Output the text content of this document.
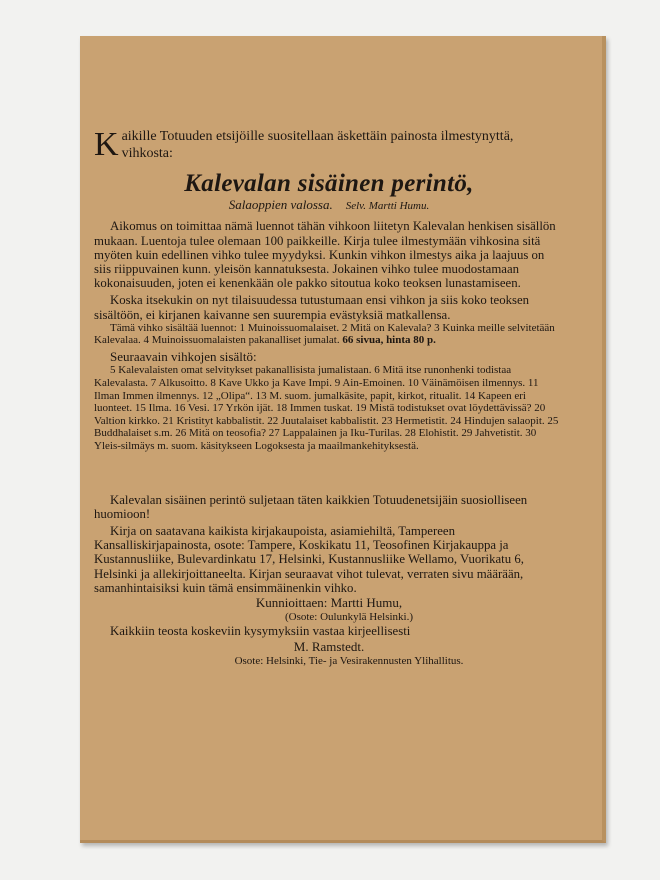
K aikille Totuuden etsijöille suositellaan äskettäin painosta ilmestynyttä, vihkosta:
Kalevalan sisäinen perintö,
Salaoppien valossa. Selv. Martti Humu.

Aikomus on toimittaa nämä luennot tähän vihkoon liitetyn Kalevalan henkisen sisällön mukaan. Luentoja tulee olemaan 100 paikkeille. Kirja tulee ilmestymään vihkosina sitä myöten kuin edellinen vihko tulee myydyksi. Kunkin vihkon ilmestys aika ja laajuus on siis riippuvainen kunn. yleisön kannatuksesta. Jokainen vihko tulee muodostamaan kokonaisuuden, joten ei kenenkään ole pakko sitoutua koko teoksen lunastamiseen.

Koska itsekukin on nyt tilaisuudessa tutustumaan ensi vihkon ja siis koko teoksen sisältöön, ei kirjanen kaivanne sen suurempia evästyksiä matkallensa.

Tämä vihko sisältää luennot: 1 Muinoissuomalaiset. 2 Mitä on Kalevala? 3 Kuinka meille selvitetään Kalevalaa. 4 Muinoissuomalaisten pakanalliset jumalat. 66 sivua, hinta 80 p.

Seuraavain vihkojen sisältö:

5 Kalevalaisten omat selvitykset pakanallisista jumalistaan. 6 Mitä itse runonhenki todistaa Kalevalasta. 7 Alkusoitto. 8 Kave Ukko ja Kave Impi. 9 Ain-Emoinen. 10 Väinämöisen ilmennys. 11 Ilman Immen ilmennys. 12 „Olipa“. 13 M. suom. jumalkäsite, papit, kirkot, ritualit. 14 Kapeen eri luonteet. 15 Ilma. 16 Vesi. 17 Yrkön ijät. 18 Immen tuskat. 19 Mistä todistukset ovat löydettävissä? 20 Valtion kirkko. 21 Kristityt kabbalistit. 22 Juutalaiset kabbalistit. 23 Hermetistit. 24 Hindujen salaopit. 25 Buddhalaiset s.m. 26 Mitä on teosofia? 27 Lappalainen ja Iku-Turilas. 28 Elohistit. 29 Jahvetistit. 30 Yleis-silmäys m. suom. käsitykseen Logoksesta ja maailmankehityksestä.

Kalevalan sisäinen perintö suljetaan täten kaikkien Totuudenetsijäin suosiolliseen huomioon!

Kirja on saatavana kaikista kirjakaupoista, asiamiehiltä, Tampereen Kansalliskirjapainosta, osote: Tampere, Koskikatu 11, Teosofinen Kirjakauppa ja Kustannusliike, Bulevardinkatu 17, Helsinki, Kustannusliike Wellamo, Vuorikatu 6, Helsinki ja allekirjoittaneelta. Kirjan seuraavat vihot tulevat, verraten sivu määrään, samanhintaisiksi kuin tämä ensimmäinenkin vihko.

Kunnioittaen: Martti Humu,
(Osote: Oulunkylä Helsinki.)

Kaikkiin teosta koskeviin kysymyksiin vastaa kirjeellisesti

M. Ramstedt.
Osote: Helsinki, Tie- ja Vesirakennusten Ylihallitus.
